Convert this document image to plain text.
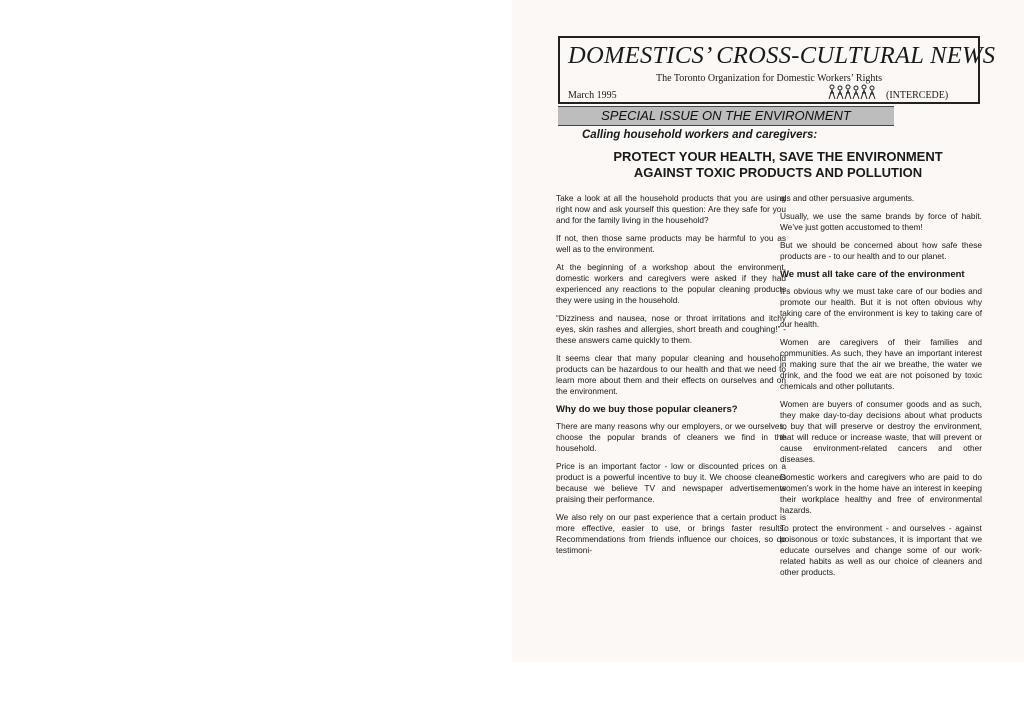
DOMESTICS’ CROSS-CULTURAL NEWS
The Toronto Organization for Domestic Workers’ Rights
March 1995	(INTERCEDE)
SPECIAL ISSUE ON THE ENVIRONMENT
Calling household workers and caregivers:
PROTECT YOUR HEALTH, SAVE THE ENVIRONMENT
AGAINST TOXIC PRODUCTS AND POLLUTION

Take a look at all the household products that you are using right now and ask yourself this question: Are they safe for you and for the family living in the household?

If not, then those same products may be harmful to you as well as to the environment.

At the beginning of a workshop about the environment, domestic workers and caregivers were asked if they had experienced any reactions to the popular cleaning products they were using in the household.

“Dizziness and nausea, nose or throat irritations and itchy eyes, skin rashes and allergies, short breath and coughing!” - these answers came quickly to them.

It seems clear that many popular cleaning and household products can be hazardous to our health and that we need to learn more about them and their effects on ourselves and on the environment.

Why do we buy those popular cleaners?

There are many reasons why our employers, or we ourselves, choose the popular brands of cleaners we find in the household.

Price is an important factor - low or discounted prices on a product is a powerful incentive to buy it. We choose cleaners because we believe TV and newspaper advertisements praising their performance.

We also rely on our past experience that a certain product is more effective, easier to use, or brings faster results. Recommendations from friends influence our choices, so do testimoni-

als and other persuasive arguments.

Usually, we use the same brands by force of habit. We’ve just gotten accustomed to them!

But we should be concerned about how safe these products are - to our health and to our planet.

We must all take care of the environment

It’s obvious why we must take care of our bodies and promote our health. But it is not often obvious why taking care of the environment is key to taking care of our health.

Women are caregivers of their families and communities. As such, they have an important interest in making sure that the air we breathe, the water we drink, and the food we eat are not poisoned by toxic chemicals and other pollutants.

Women are buyers of consumer goods and as such, they make day-to-day decisions about what products to buy that will preserve or destroy the environment, that will reduce or increase waste, that will prevent or cause environment-related cancers and other diseases.

Domestic workers and caregivers who are paid to do women’s work in the home have an interest in keeping their workplace healthy and free of environmental hazards.

To protect the environment - and ourselves - against poisonous or toxic substances, it is important that we educate ourselves and change some of our work-related habits as well as our choice of cleaners and other products.
